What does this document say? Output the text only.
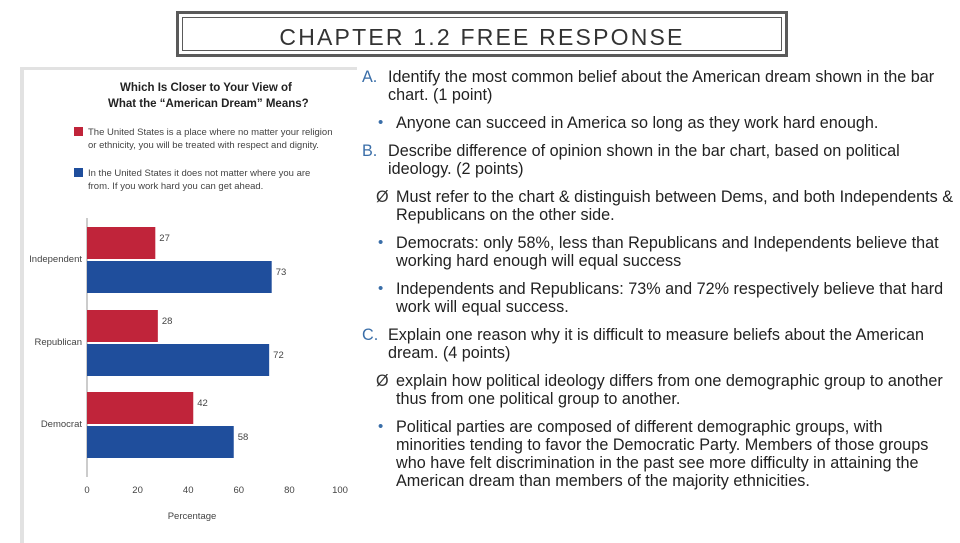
CHAPTER 1.2 FREE RESPONSE
Which Is Closer to Your View of
What the “American Dream” Means?
The United States is a place where no matter your religion
or ethnicity, you will be treated with respect and dignity.
In the United States it does not matter where you are
from. If you work hard you can get ahead.
27
73
Independent
28
72
Republican
42
58
Democrat
0	20	40	60	80	100
Percentage
A. Identify the most common belief about the American dream shown in the bar chart. (1 point)
• Anyone can succeed in America so long as they work hard enough.
B. Describe difference of opinion shown in the bar chart, based on political ideology. (2 points)
Ø Must refer to the chart & distinguish between Dems, and both Independents & Republicans on the other side.
• Democrats: only 58%, less than Republicans and Independents believe that working hard enough will equal success
• Independents and Republicans: 73% and 72% respectively believe that hard work will equal success.
C. Explain one reason why it is difficult to measure beliefs about the American dream. (4 points)
Ø explain how political ideology differs from one demographic group to another thus from one political group to another.
• Political parties are composed of different demographic groups, with minorities tending to favor the Democratic Party. Members of those groups who have felt discrimination in the past see more difficulty in attaining the American dream than members of the majority ethnicities.
